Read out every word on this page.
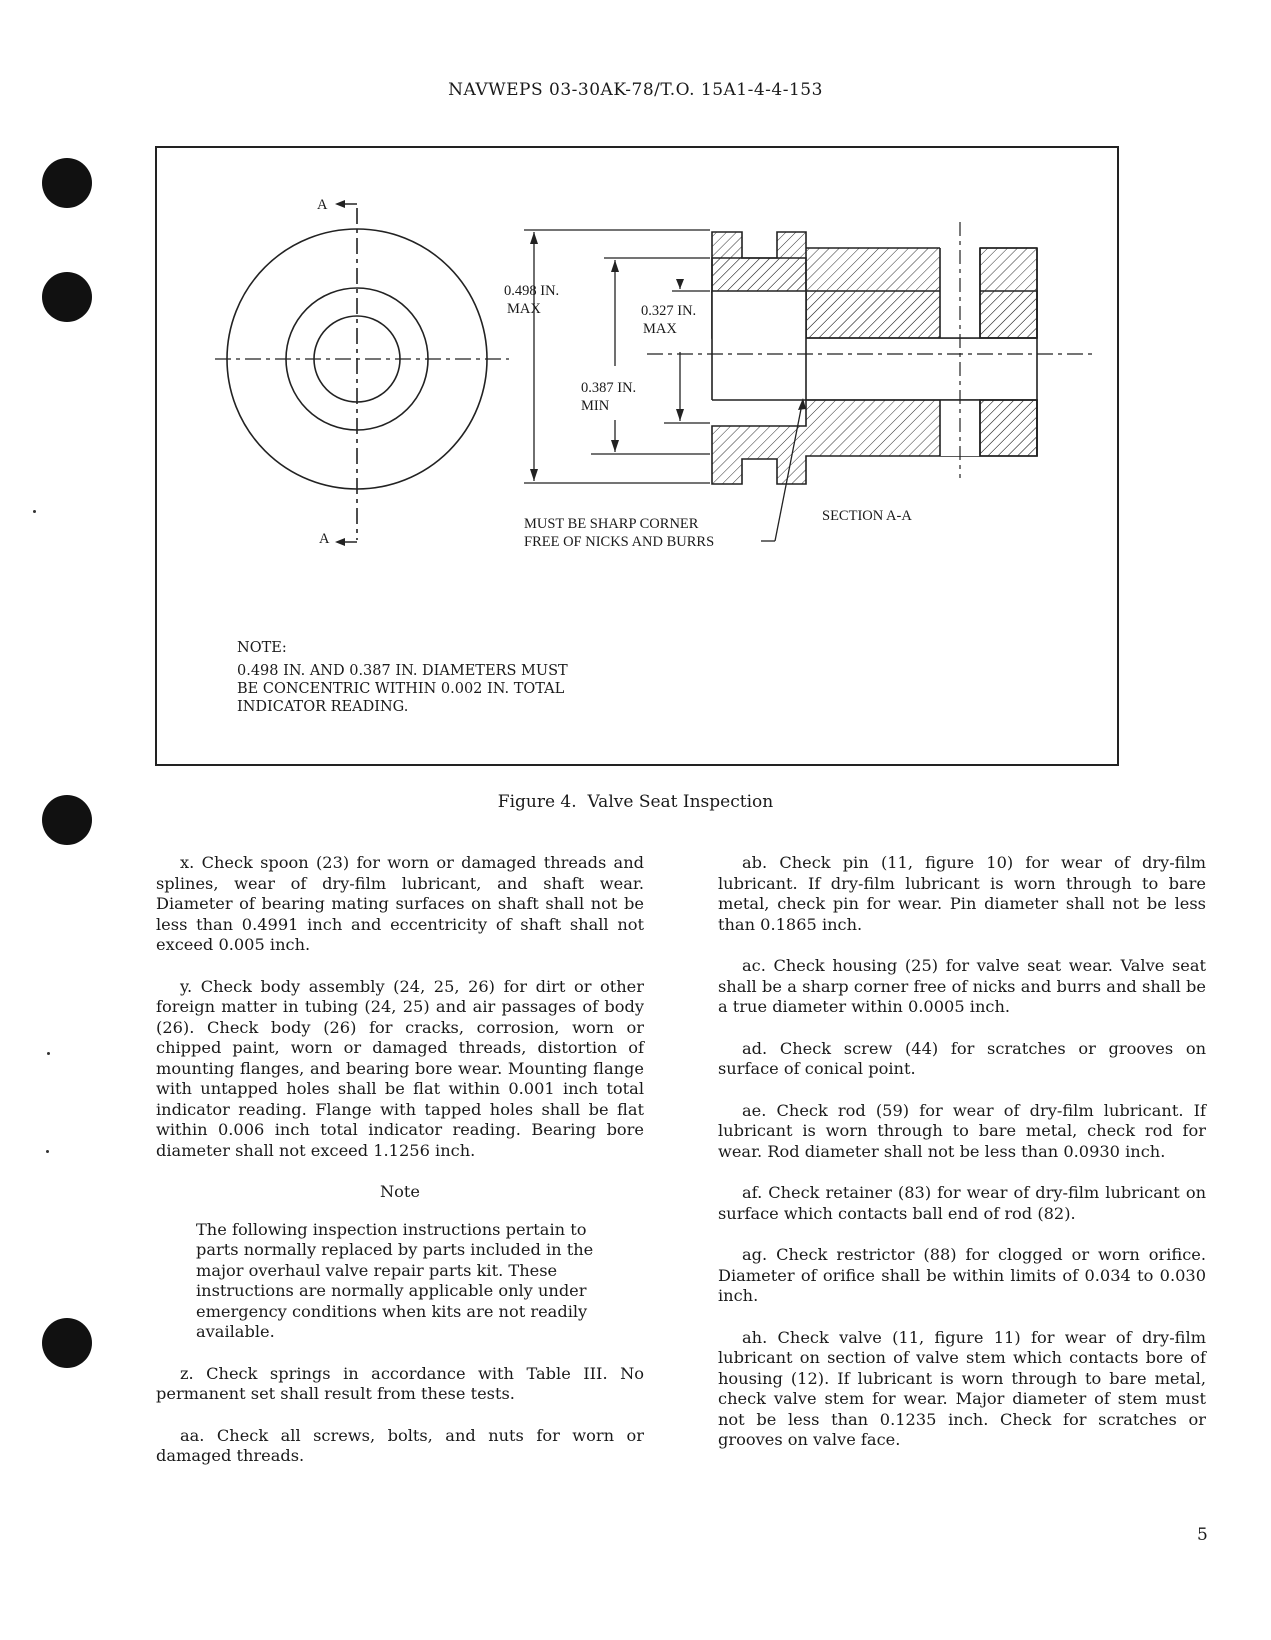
NAVWEPS 03-30AK-78/T.O. 15A1-4-4-153
A
A
0.498 IN.
MAX
0.387 IN.
MIN
0.327 IN.
MAX
MUST BE SHARP CORNER
FREE OF NICKS AND BURRS
SECTION A-A
NOTE:
0.498 IN. AND 0.387 IN. DIAMETERS MUST
BE CONCENTRIC WITHIN 0.002 IN. TOTAL
INDICATOR READING.
Figure 4.  Valve Seat Inspection

x. Check spoon (23) for worn or damaged threads and splines, wear of dry-film lubricant, and shaft wear. Diameter of bearing mating surfaces on shaft shall not be less than 0.4991 inch and eccentricity of shaft shall not exceed 0.005 inch.

y. Check body assembly (24, 25, 26) for dirt or other foreign matter in tubing (24, 25) and air passages of body (26). Check body (26) for cracks, corrosion, worn or chipped paint, worn or damaged threads, distortion of mounting flanges, and bearing bore wear. Mounting flange with untapped holes shall be flat within 0.001 inch total indicator reading. Flange with tapped holes shall be flat within 0.006 inch total indicator reading. Bearing bore diameter shall not exceed 1.1256 inch.

Note
The following inspection instructions pertain to parts normally replaced by parts included in the major overhaul valve repair parts kit. These instructions are normally applicable only under emergency conditions when kits are not readily available.

z. Check springs in accordance with Table III. No permanent set shall result from these tests.

aa. Check all screws, bolts, and nuts for worn or damaged threads.

ab. Check pin (11, figure 10) for wear of dry-film lubricant. If dry-film lubricant is worn through to bare metal, check pin for wear. Pin diameter shall not be less than 0.1865 inch.

ac. Check housing (25) for valve seat wear. Valve seat shall be a sharp corner free of nicks and burrs and shall be a true diameter within 0.0005 inch.

ad. Check screw (44) for scratches or grooves on surface of conical point.

ae. Check rod (59) for wear of dry-film lubricant. If lubricant is worn through to bare metal, check rod for wear. Rod diameter shall not be less than 0.0930 inch.

af. Check retainer (83) for wear of dry-film lubricant on surface which contacts ball end of rod (82).

ag. Check restrictor (88) for clogged or worn orifice. Diameter of orifice shall be within limits of 0.034 to 0.030 inch.

ah. Check valve (11, figure 11) for wear of dry-film lubricant on section of valve stem which contacts bore of housing (12). If lubricant is worn through to bare metal, check valve stem for wear. Major diameter of stem must not be less than 0.1235 inch. Check for scratches or grooves on valve face.

5
